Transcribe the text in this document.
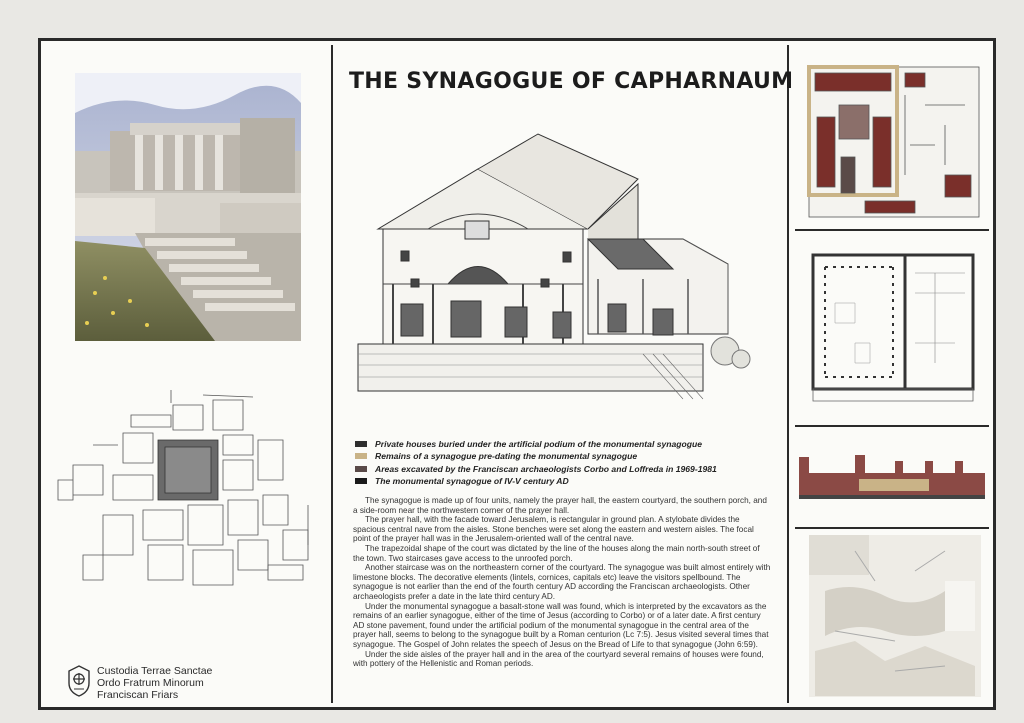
Custodia Terrae Sanctae
Ordo Fratrum Minorum
Franciscan Friars
THE SYNAGOGUE OF CAPHARNAUM
Private houses buried under the artificial podium of the monumental synagogue
Remains of a synagogue pre-dating the monumental synagogue
Areas excavated by the Franciscan archaeologists Corbo and Loffreda in 1969-1981
The monumental synagogue of IV-V century AD

The synagogue is made up of four units, namely the prayer hall, the eastern courtyard, the southern porch, and a side-room near the northwestern corner of the prayer hall.

The prayer hall, with the facade toward Jerusalem, is rectangular in ground plan. A stylobate divides the spacious central nave from the aisles. Stone benches were set along the eastern and western aisles. The focal point of the prayer hall was in the Jerusalem-oriented wall of the central nave.

The trapezoidal shape of the court was dictated by the line of the houses along the main north-south street of the town. Two staircases gave access to the unroofed porch.

Another staircase was on the northeastern corner of the courtyard. The synagogue was built almost entirely with limestone blocks. The decorative elements (lintels, cornices, capitals etc) leave the visitors spellbound. The synagogue is not earlier than the end of the fourth century AD according the Franciscan archaeologists. Other archaeologists prefer a date in the late third century AD.

Under the monumental synagogue a basalt-stone wall was found, which is interpreted by the excavators as the remains of an earlier synagogue, either of the time of Jesus (according to Corbo) or of a later date. A first century AD stone pavement, found under the artificial podium of the monumental synagogue in the central area of the prayer hall, seems to belong to the synagogue built by a Roman centurion (Lc 7:5). Jesus visited several times that synagogue. The Gospel of John relates the speech of Jesus on the Bread of Life to that synagogue (John 6:59).

Under the side aisles of the prayer hall and in the area of the courtyard several remains of houses were found, with pottery of the Hellenistic and Roman periods.
